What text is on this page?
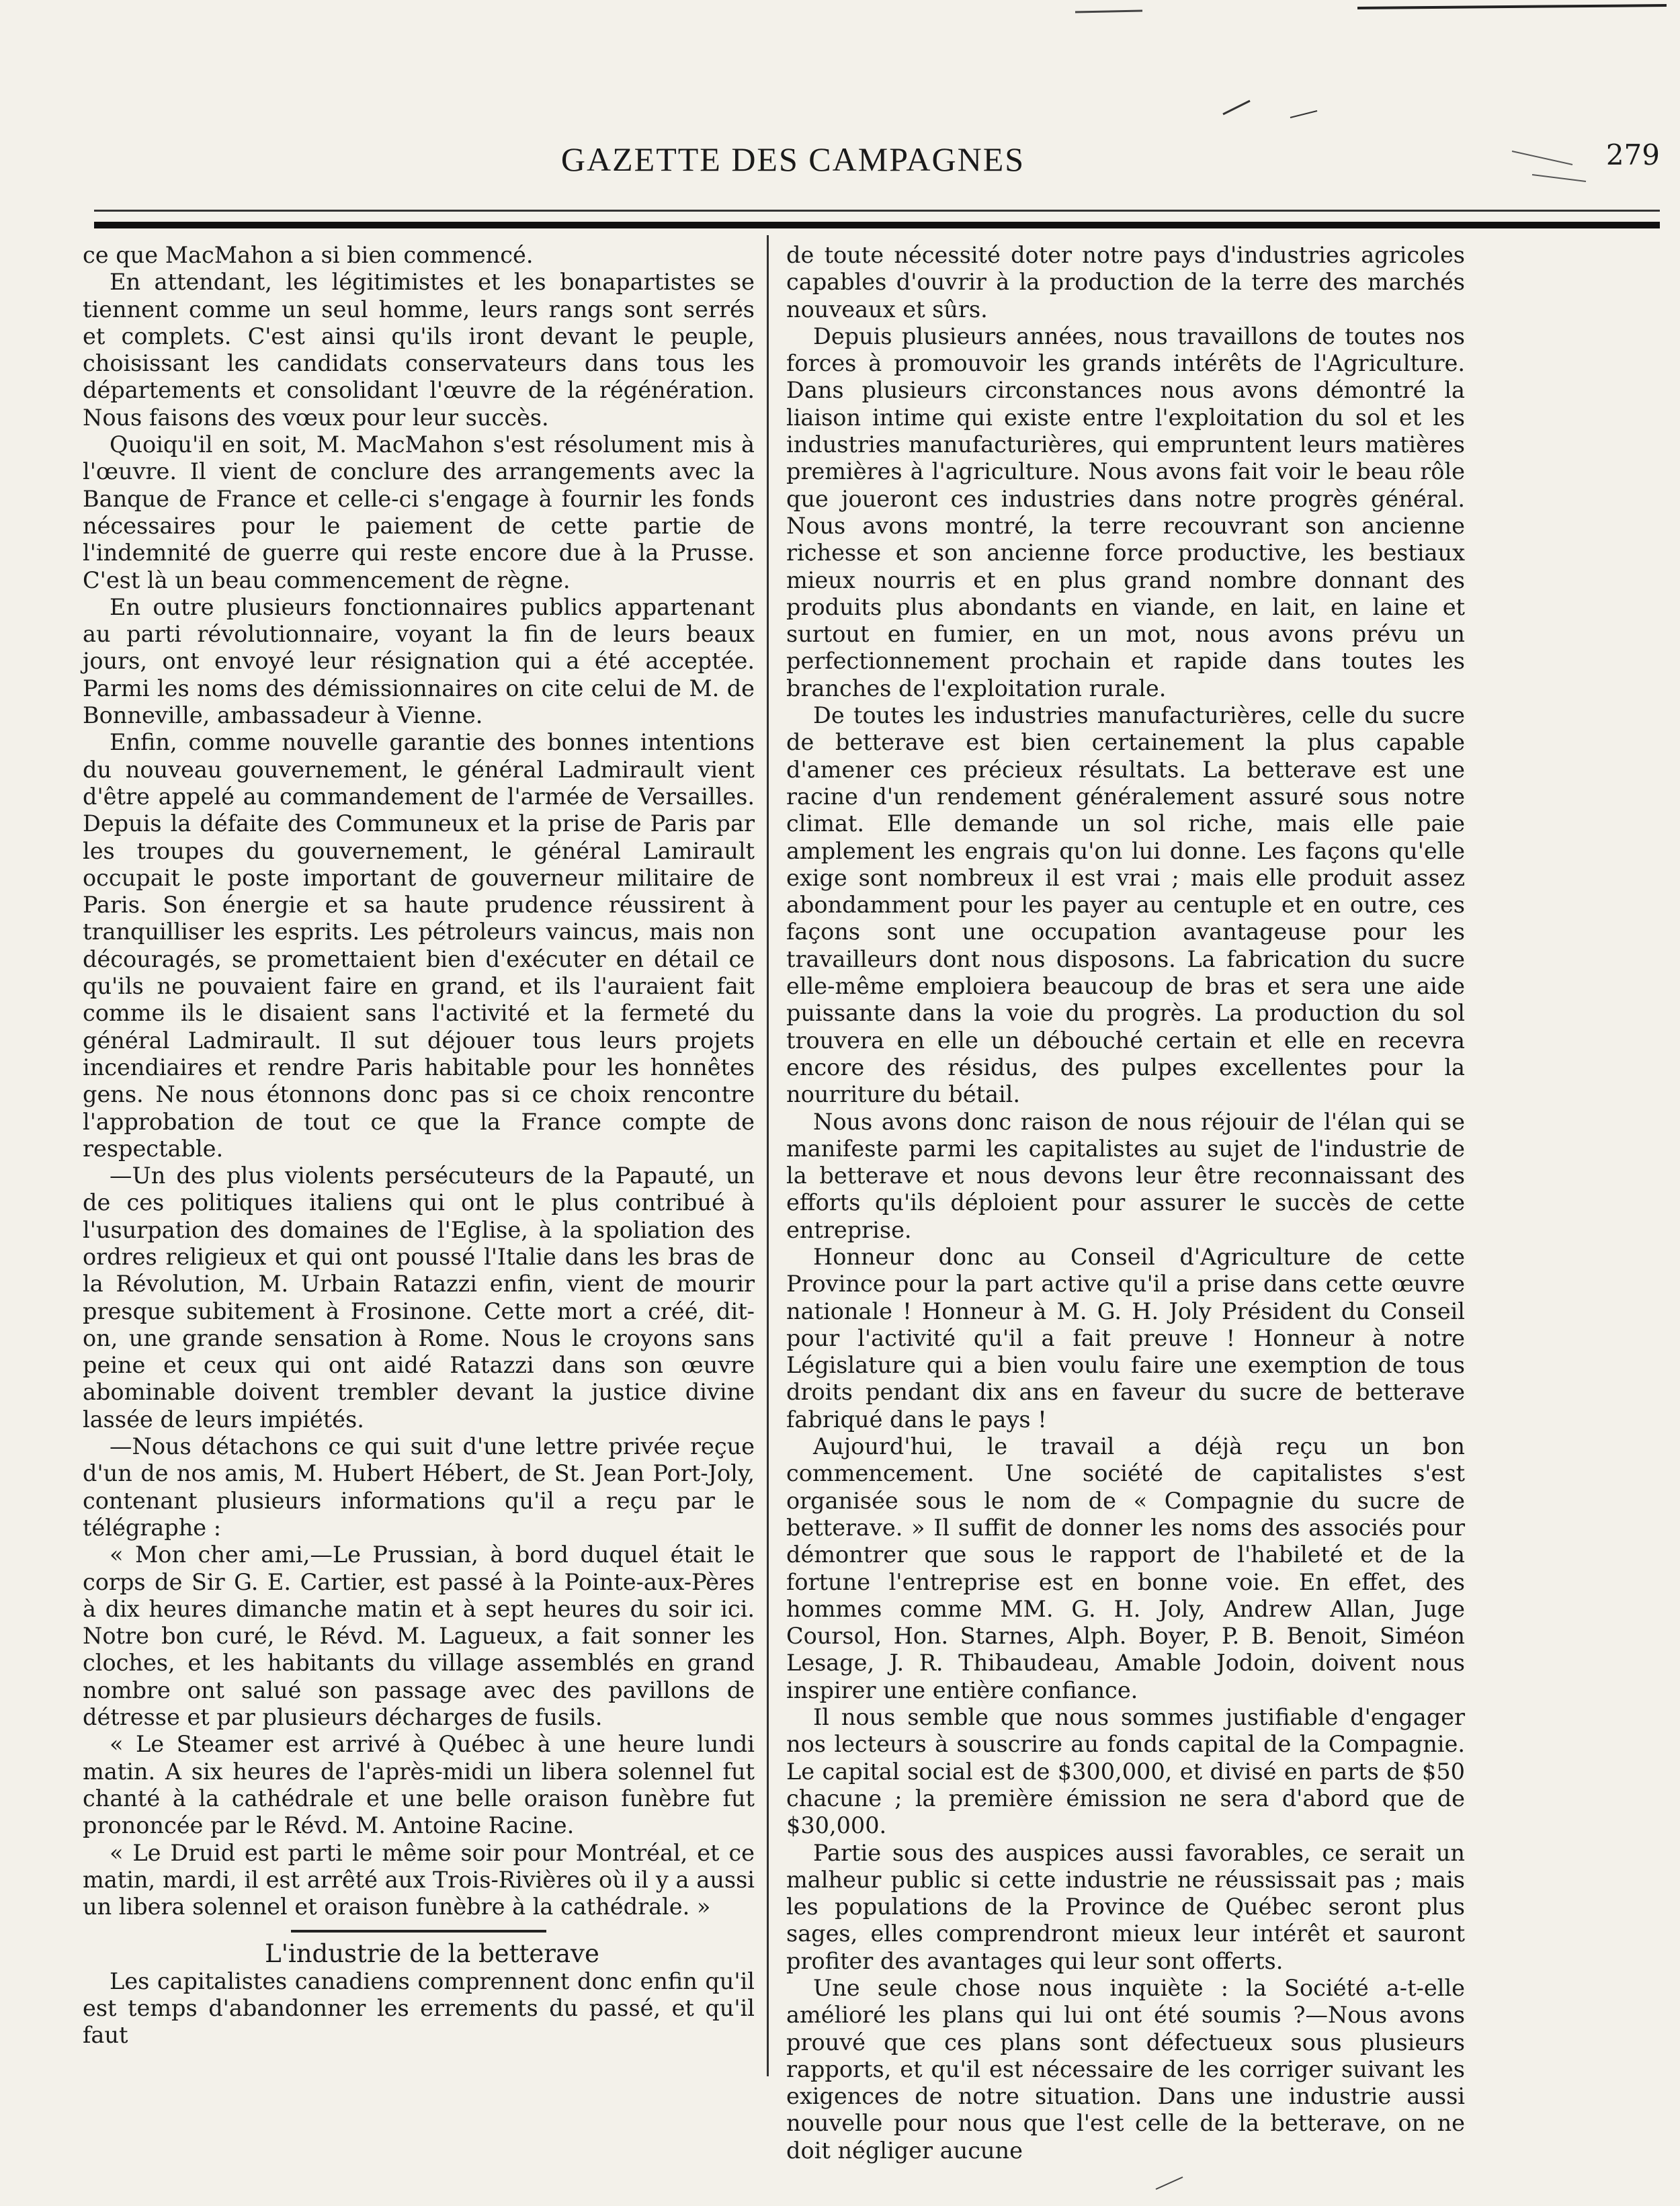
GAZETTE DES CAMPAGNES	279

ce que MacMahon a si bien commencé.

En attendant, les légitimistes et les bonapartistes se tiennent comme un seul homme, leurs rangs sont serrés et complets. C'est ainsi qu'ils iront devant le peuple, choisissant les candidats conservateurs dans tous les départements et consolidant l'œuvre de la régénération. Nous faisons des vœux pour leur succès.

Quoiqu'il en soit, M. MacMahon s'est résolument mis à l'œuvre. Il vient de conclure des arrangements avec la Banque de France et celle-ci s'engage à fournir les fonds nécessaires pour le paiement de cette partie de l'indemnité de guerre qui reste encore due à la Prusse. C'est là un beau commencement de règne.

En outre plusieurs fonctionnaires publics appartenant au parti révolutionnaire, voyant la fin de leurs beaux jours, ont envoyé leur résignation qui a été acceptée. Parmi les noms des démissionnaires on cite celui de M. de Bonneville, ambassadeur à Vienne.

Enfin, comme nouvelle garantie des bonnes intentions du nouveau gouvernement, le général Ladmirault vient d'être appelé au commandement de l'armée de Versailles. Depuis la défaite des Communeux et la prise de Paris par les troupes du gouvernement, le général Lamirault occupait le poste important de gouverneur militaire de Paris. Son énergie et sa haute prudence réussirent à tranquilliser les esprits. Les pétroleurs vaincus, mais non découragés, se promettaient bien d'exécuter en détail ce qu'ils ne pouvaient faire en grand, et ils l'auraient fait comme ils le disaient sans l'activité et la fermeté du général Ladmirault. Il sut déjouer tous leurs projets incendiaires et rendre Paris habitable pour les honnêtes gens. Ne nous étonnons donc pas si ce choix rencontre l'approbation de tout ce que la France compte de respectable.

—Un des plus violents persécuteurs de la Papauté, un de ces politiques italiens qui ont le plus contribué à l'usurpation des domaines de l'Eglise, à la spoliation des ordres religieux et qui ont poussé l'Italie dans les bras de la Révolution, M. Urbain Ratazzi enfin, vient de mourir presque subitement à Frosinone. Cette mort a créé, dit-on, une grande sensation à Rome. Nous le croyons sans peine et ceux qui ont aidé Ratazzi dans son œuvre abominable doivent trembler devant la justice divine lassée de leurs impiétés.

—Nous détachons ce qui suit d'une lettre privée reçue d'un de nos amis, M. Hubert Hébert, de St. Jean Port-Joly, contenant plusieurs informations qu'il a reçu par le télégraphe :

« Mon cher ami,—Le Prussian, à bord duquel était le corps de Sir G. E. Cartier, est passé à la Pointe-aux-Pères à dix heures dimanche matin et à sept heures du soir ici. Notre bon curé, le Révd. M. Lagueux, a fait sonner les cloches, et les habitants du village assemblés en grand nombre ont salué son passage avec des pavillons de détresse et par plusieurs décharges de fusils.

« Le Steamer est arrivé à Québec à une heure lundi matin. A six heures de l'après-midi un libera solennel fut chanté à la cathédrale et une belle oraison funèbre fut prononcée par le Révd. M. Antoine Racine.

« Le Druid est parti le même soir pour Montréal, et ce matin, mardi, il est arrêté aux Trois-Rivières où il y a aussi un libera solennel et oraison funèbre à la cathédrale. »

L'industrie de la betterave

Les capitalistes canadiens comprennent donc enfin qu'il est temps d'abandonner les errements du passé, et qu'il faut

de toute nécessité doter notre pays d'industries agricoles capables d'ouvrir à la production de la terre des marchés nouveaux et sûrs.

Depuis plusieurs années, nous travaillons de toutes nos forces à promouvoir les grands intérêts de l'Agriculture. Dans plusieurs circonstances nous avons démontré la liaison intime qui existe entre l'exploitation du sol et les industries manufacturières, qui empruntent leurs matières premières à l'agriculture. Nous avons fait voir le beau rôle que joueront ces industries dans notre progrès général. Nous avons montré, la terre recouvrant son ancienne richesse et son ancienne force productive, les bestiaux mieux nourris et en plus grand nombre donnant des produits plus abondants en viande, en lait, en laine et surtout en fumier, en un mot, nous avons prévu un perfectionnement prochain et rapide dans toutes les branches de l'exploitation rurale.

De toutes les industries manufacturières, celle du sucre de betterave est bien certainement la plus capable d'amener ces précieux résultats. La betterave est une racine d'un rendement généralement assuré sous notre climat. Elle demande un sol riche, mais elle paie amplement les engrais qu'on lui donne. Les façons qu'elle exige sont nombreux il est vrai ; mais elle produit assez abondamment pour les payer au centuple et en outre, ces façons sont une occupation avantageuse pour les travailleurs dont nous disposons. La fabrication du sucre elle-même emploiera beaucoup de bras et sera une aide puissante dans la voie du progrès. La production du sol trouvera en elle un débouché certain et elle en recevra encore des résidus, des pulpes excellentes pour la nourriture du bétail.

Nous avons donc raison de nous réjouir de l'élan qui se manifeste parmi les capitalistes au sujet de l'industrie de la betterave et nous devons leur être reconnaissant des efforts qu'ils déploient pour assurer le succès de cette entreprise.

Honneur donc au Conseil d'Agriculture de cette Province pour la part active qu'il a prise dans cette œuvre nationale ! Honneur à M. G. H. Joly Président du Conseil pour l'activité qu'il a fait preuve ! Honneur à notre Législature qui a bien voulu faire une exemption de tous droits pendant dix ans en faveur du sucre de betterave fabriqué dans le pays !

Aujourd'hui, le travail a déjà reçu un bon commencement. Une société de capitalistes s'est organisée sous le nom de « Compagnie du sucre de betterave. » Il suffit de donner les noms des associés pour démontrer que sous le rapport de l'habileté et de la fortune l'entreprise est en bonne voie. En effet, des hommes comme MM. G. H. Joly, Andrew Allan, Juge Coursol, Hon. Starnes, Alph. Boyer, P. B. Benoit, Siméon Lesage, J. R. Thibaudeau, Amable Jodoin, doivent nous inspirer une entière confiance.

Il nous semble que nous sommes justifiable d'engager nos lecteurs à souscrire au fonds capital de la Compagnie. Le capital social est de $300,000, et divisé en parts de $50 chacune ; la première émission ne sera d'abord que de $30,000.

Partie sous des auspices aussi favorables, ce serait un malheur public si cette industrie ne réussissait pas ; mais les populations de la Province de Québec seront plus sages, elles comprendront mieux leur intérêt et sauront profiter des avantages qui leur sont offerts.

Une seule chose nous inquiète : la Société a-t-elle amélioré les plans qui lui ont été soumis ?—Nous avons prouvé que ces plans sont défectueux sous plusieurs rapports, et qu'il est nécessaire de les corriger suivant les exigences de notre situation. Dans une industrie aussi nouvelle pour nous que l'est celle de la betterave, on ne doit négliger aucune
